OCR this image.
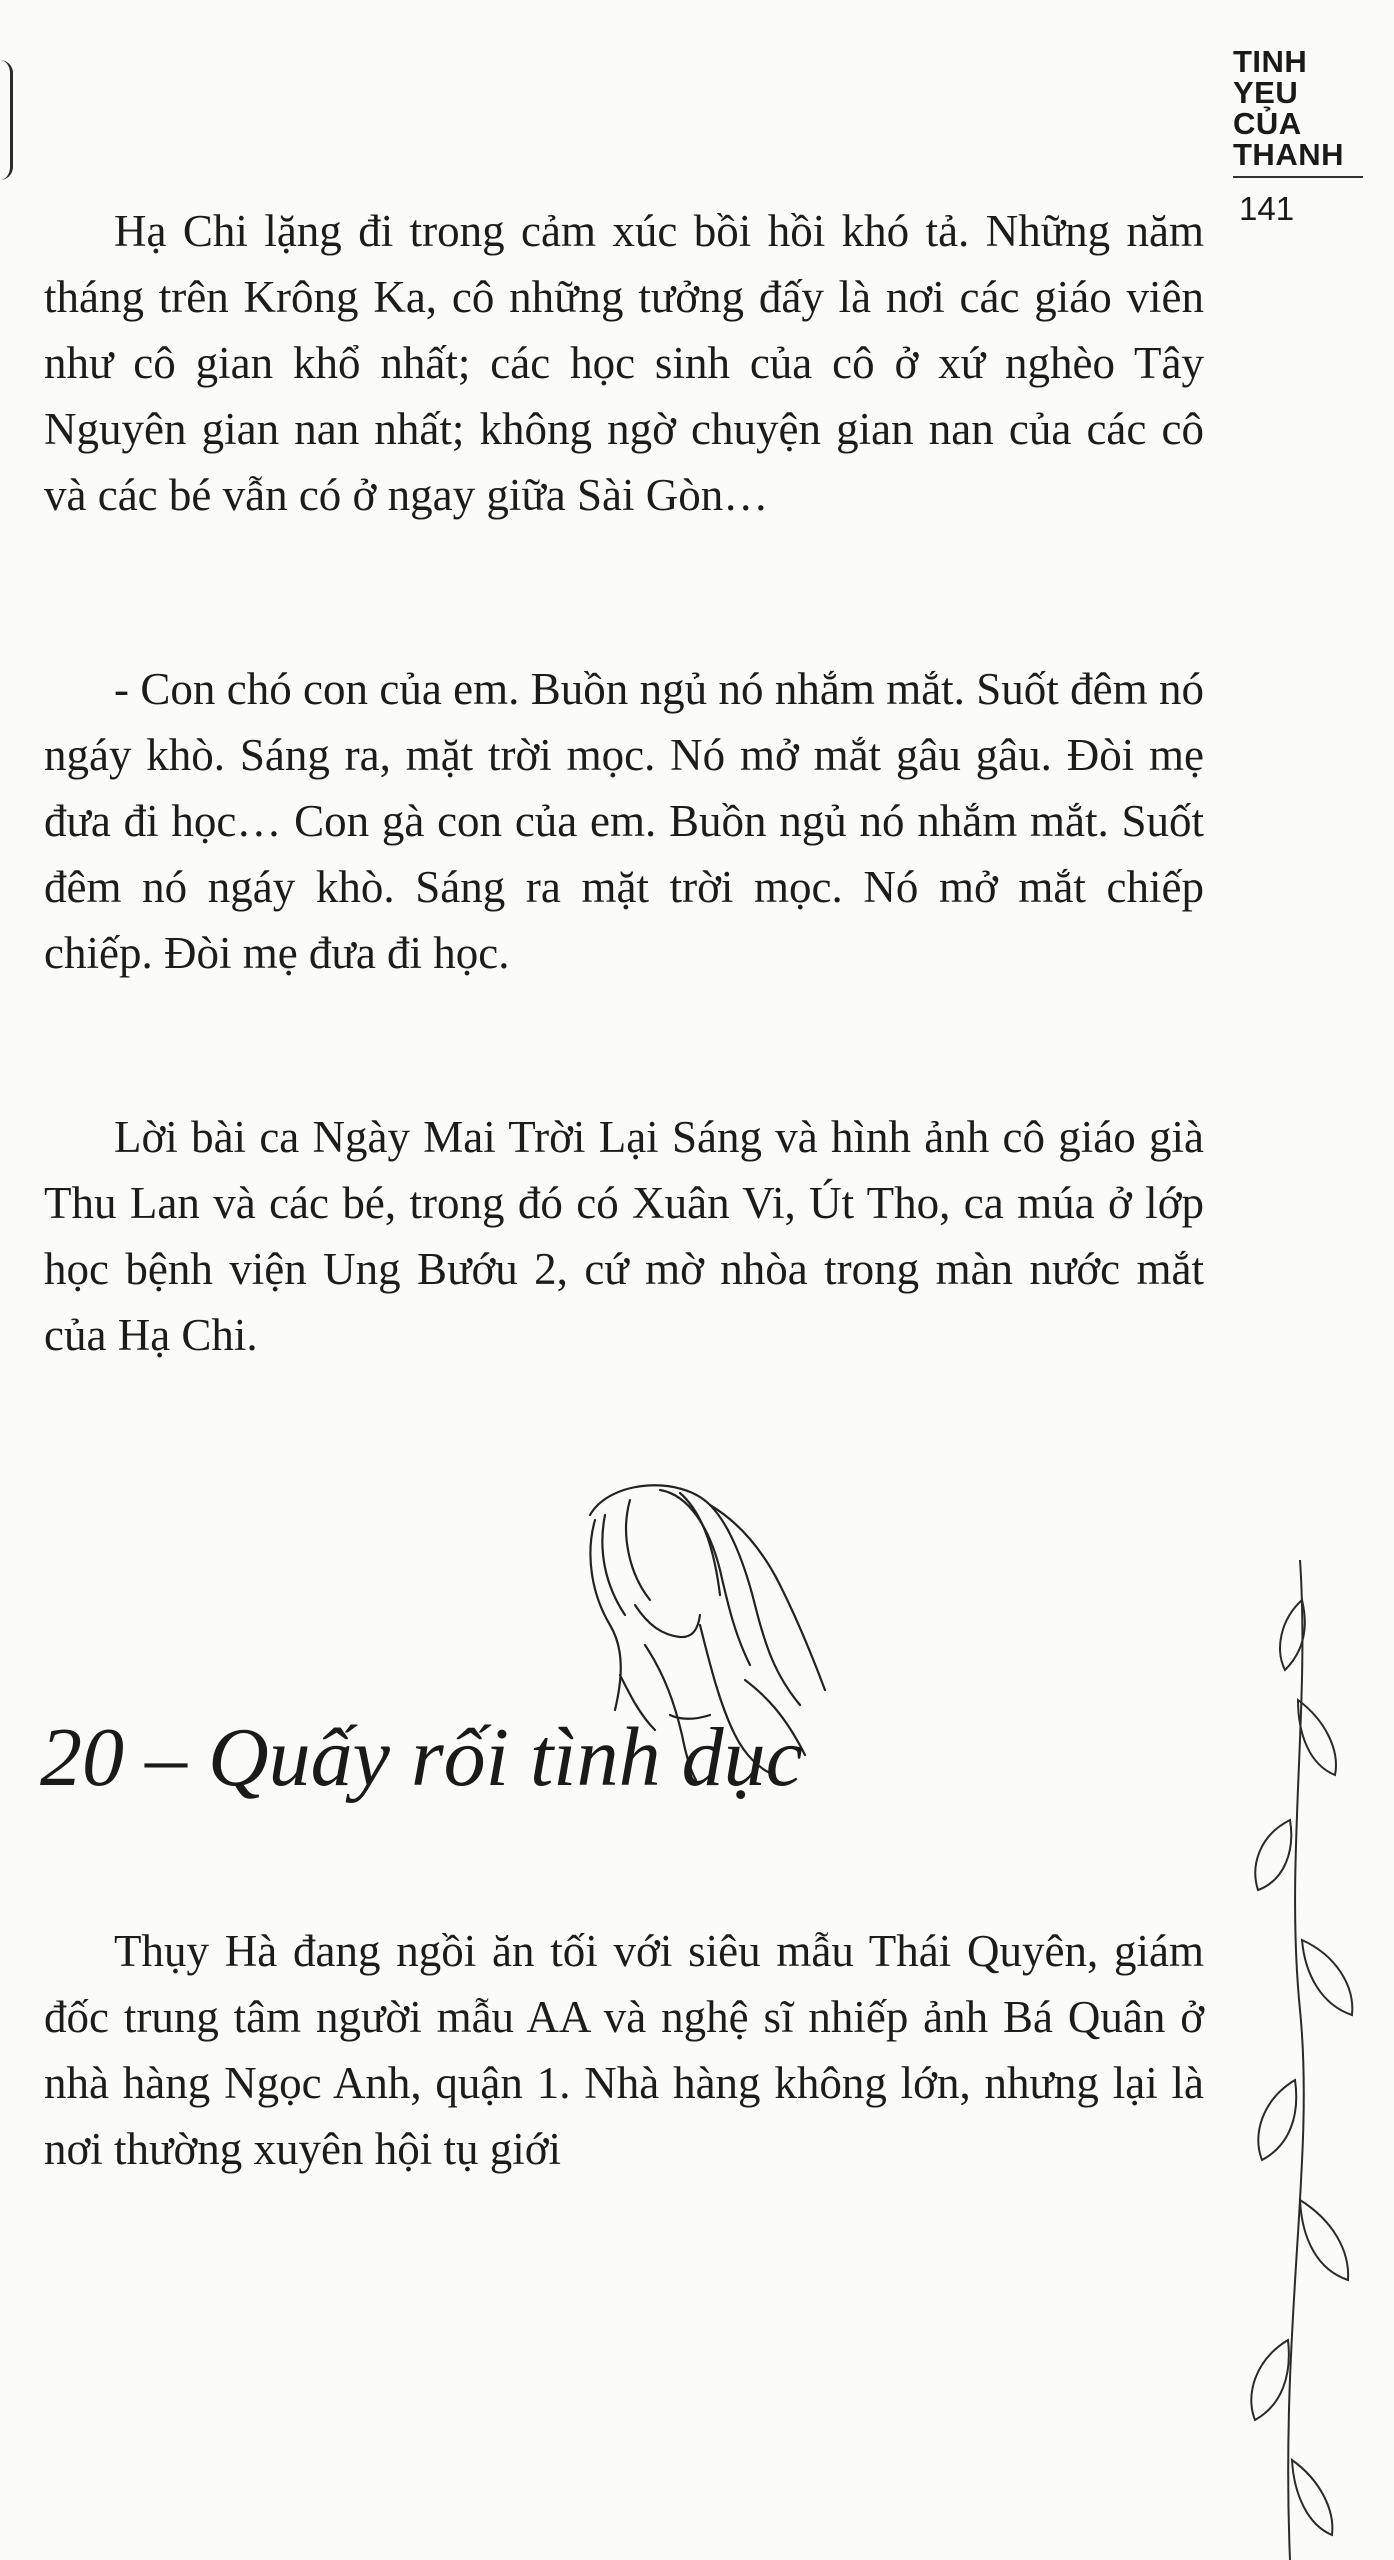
TINH
YEU
CỦA
THANH
141

Hạ Chi lặng đi trong cảm xúc bồi hồi khó tả. Những năm tháng trên Krông Ka, cô những tưởng đấy là nơi các giáo viên như cô gian khổ nhất; các học sinh của cô ở xứ nghèo Tây Nguyên gian nan nhất; không ngờ chuyện gian nan của các cô và các bé vẫn có ở ngay giữa Sài Gòn…

- Con chó con của em. Buồn ngủ nó nhắm mắt. Suốt đêm nó ngáy khò. Sáng ra, mặt trời mọc. Nó mở mắt gâu gâu. Đòi mẹ đưa đi học… Con gà con của em. Buồn ngủ nó nhắm mắt. Suốt đêm nó ngáy khò. Sáng ra mặt trời mọc. Nó mở mắt chiếp chiếp. Đòi mẹ đưa đi học.

Lời bài ca Ngày Mai Trời Lại Sáng và hình ảnh cô giáo già Thu Lan và các bé, trong đó có Xuân Vi, Út Tho, ca múa ở lớp học bệnh viện Ung Bướu 2, cứ mờ nhòa trong màn nước mắt của Hạ Chi.

20 – Quấy rối tình dục

Thụy Hà đang ngồi ăn tối với siêu mẫu Thái Quyên, giám đốc trung tâm người mẫu AA và nghệ sĩ nhiếp ảnh Bá Quân ở nhà hàng Ngọc Anh, quận 1. Nhà hàng không lớn, nhưng lại là nơi thường xuyên hội tụ giới
